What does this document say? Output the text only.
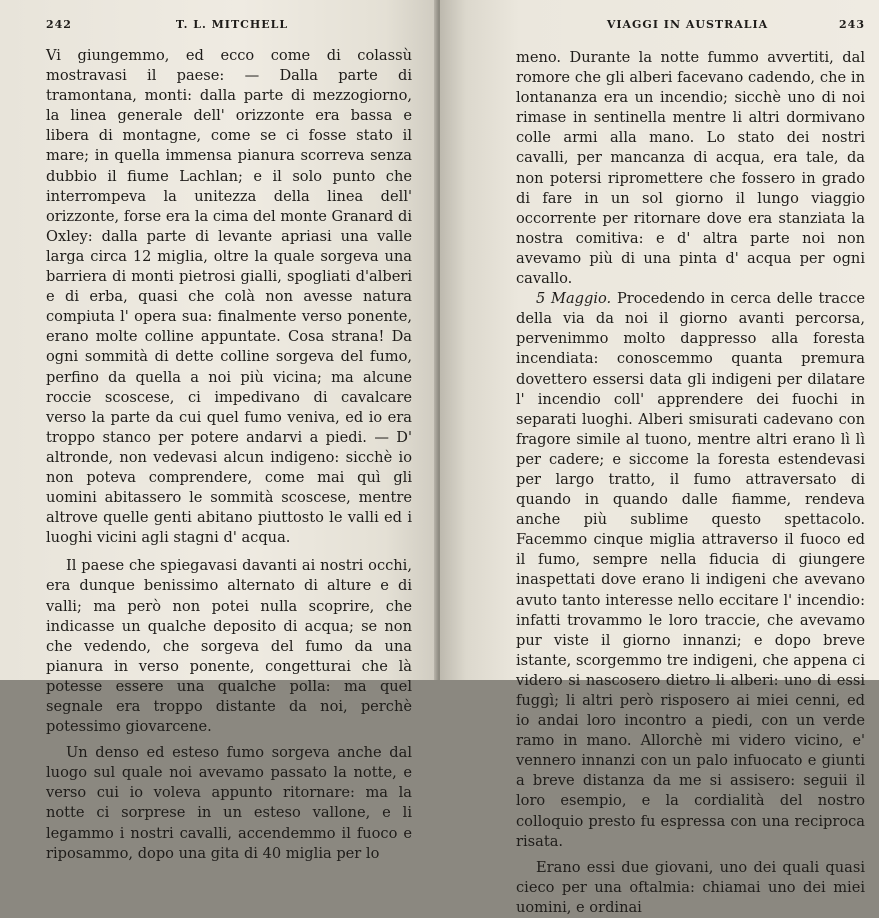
242	T. L. MITCHELL

Vi giungemmo, ed ecco come di colassù mostravasi il paese: — Dalla parte di tramontana, monti: dalla parte di mezzogiorno, la linea generale dell' orizzonte era bassa e libera di montagne, come se ci fosse stato il mare; in quella immensa pianura scorreva senza dubbio il fiume Lachlan; e il solo punto che interrompeva la unitezza della linea dell' orizzonte, forse era la cima del monte Granard di Oxley: dalla parte di levante apriasi una valle larga circa 12 miglia, oltre la quale sorgeva una barriera di monti pietrosi gialli, spogliati d'alberi e di erba, quasi che colà non avesse natura compiuta l' opera sua: finalmente verso ponente, erano molte colline appuntate. Cosa strana! Da ogni sommità di dette colline sorgeva del fumo, perfino da quella a noi più vicina; ma alcune roccie scoscese, ci impedivano di cavalcare verso la parte da cui quel fumo veniva, ed io era troppo stanco per potere andarvi a piedi. — D' altronde, non vedevasi alcun indigeno: sicchè io non poteva comprendere, come mai quì gli uomini abitassero le sommità scoscese, mentre altrove quelle genti abitano piuttosto le valli ed i luoghi vicini agli stagni d' acqua.

Il paese che spiegavasi davanti ai nostri occhi, era dunque benissimo alternato di alture e di valli; ma però non potei nulla scoprire, che indicasse un qualche deposito di acqua; se non che vedendo, che sorgeva del fumo da una pianura in verso ponente, congetturai che là potesse essere una qualche polla: ma quel segnale era troppo distante da noi, perchè potessimo giovarcene.

Un denso ed esteso fumo sorgeva anche dal luogo sul quale noi avevamo passato la notte, e verso cui io voleva appunto ritornare: ma la notte ci sorprese in un esteso vallone, e li legammo i nostri cavalli, accendemmo il fuoco e riposammo, dopo una gita di 40 miglia per lo

VIAGGI IN AUSTRALIA	243

meno. Durante la notte fummo avvertiti, dal romore che gli alberi facevano cadendo, che in lontananza era un incendio; sicchè uno di noi rimase in sentinella mentre li altri dormivano colle armi alla mano. Lo stato dei nostri cavalli, per mancanza di acqua, era tale, da non potersi ripromettere che fossero in grado di fare in un sol giorno il lungo viaggio occorrente per ritornare dove era stanziata la nostra comitiva: e d' altra parte noi non avevamo più di una pinta d' acqua per ogni cavallo.

5 Maggio. Procedendo in cerca delle tracce della via da noi il giorno avanti percorsa, pervenimmo molto dappresso alla foresta incendiata: conoscemmo quanta premura dovettero essersi data gli indigeni per dilatare l' incendio coll' apprendere dei fuochi in separati luoghi. Alberi smisurati cadevano con fragore simile al tuono, mentre altri erano lì lì per cadere; e siccome la foresta estendevasi per largo tratto, il fumo attraversato di quando in quando dalle fiamme, rendeva anche più sublime questo spettacolo. Facemmo cinque miglia attraverso il fuoco ed il fumo, sempre nella fiducia di giungere inaspettati dove erano li indigeni che avevano avuto tanto interesse nello eccitare l' incendio: infatti trovammo le loro traccie, che avevamo pur viste il giorno innanzi; e dopo breve istante, scorgemmo tre indigeni, che appena ci videro si nascosero dietro li alberi: uno di essi fuggì; li altri però risposero ai miei cenni, ed io andai loro incontro a piedi, con un verde ramo in mano. Allorchè mi videro vicino, e' vennero innanzi con un palo infuocato e giunti a breve distanza da me si assisero: seguii il loro esempio, e la cordialità del nostro colloquio presto fu espressa con una reciproca risata.

Erano essi due giovani, uno dei quali quasi cieco per una oftalmia: chiamai uno dei miei uomini, e ordinai
